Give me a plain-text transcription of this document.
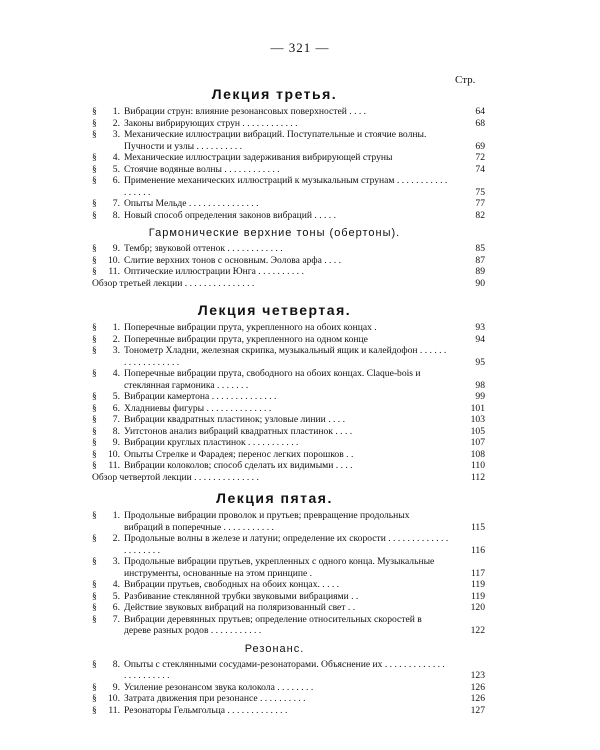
— 321 —
Стр.
Лекция третья.
§	1. Вибрации струн: влияние резонансовых поверхностей . . . .	64
§	2. Законы вибрирующих струн . . . . . . . . . . . .	68
§	3. Механические иллюстрации вибраций. Поступательные и стоячие волны. Пучности и узлы . . . . . . . . . .	69
§	4. Механические иллюстрации задерживания вибрирующей струны	72
§	5. Стоячие водяные волны . . . . . . . . . . . .	74
§	6. Применение механических иллюстраций к музыкальным струнам . . . . . . . . . . . . . . . . .	75
§	7. Опыты Мельде . . . . . . . . . . . . . . .	77
§	8. Новый способ определения законов вибраций . . . . .	82
Гармонические верхние тоны (обертоны).
§	9. Тембр; звуковой оттенок . . . . . . . . . . . .	85
§	10. Слитие верхних тонов с основным. Эолова арфа . . . .	87
§	11. Оптические иллюстрации Юнга . . . . . . . . . .	89
Обзор третьей лекции . . . . . . . . . . . . . . .	90
Лекция четвертая.
§	1. Поперечные вибрации прута, укрепленного на обоих концах .	93
§	2. Поперечные вибрации прута, укрепленного на одном конце	94
§	3. Тонометр Хладни, железная скрипка, музыкальный ящик и калейдофон . . . . . . . . . . . . . . . . . .	95
§	4. Поперечные вибрации прута, свободного на обоих концах. Claque-bois и стеклянная гармоника . . . . . . .	98
§	5. Вибрации камертона . . . . . . . . . . . . . .	99
§	6. Хладниевы фигуры . . . . . . . . . . . . . .	101
§	7. Вибрации квадратных пластинок; узловые линии . . . .	103
§	8. Уитстонов анализ вибраций квадратных пластинок . . . .	105
§	9. Вибрации круглых пластинок . . . . . . . . . . .	107
§	10. Опыты Стрелке и Фарадея; перенос легких порошков . .	108
§	11. Вибрации колоколов; способ сделать их видимыми . . . .	110
Обзор четвертой лекции . . . . . . . . . . . . . .	112
Лекция пятая.
§	1. Продольные вибрации проволок и прутьев; превращение продольных вибраций в поперечные . . . . . . . . . . .	115
§	2. Продольные волны в железе и латуни; определение их скорости . . . . . . . . . . . . . . . . . . . . .	116
§	3. Продольные вибрации прутьев, укрепленных с одного конца. Музыкальные инструменты, основанные на этом принципе .	117
§	4. Вибрации прутьев, свободных на обоих концах. . . . .	119
§	5. Разбивание стеклянной трубки звуковыми вибрациями . .	119
§	6. Действие звуковых вибраций на поляризованный свет . .	120
§	7. Вибрации деревянных прутьев; определение относительных скоростей в дереве разных родов . . . . . . . . . . .	122
Резонанс.
§	8. Опыты с стеклянными сосудами-резонаторами. Объяснение их . . . . . . . . . . . . . . . . . . . . . . .	123
§	9. Усиление резонансом звука колокола . . . . . . . .	126
§	10. Затрата движения при резонансе . . . . . . . . . .	126
§	11. Резонаторы Гельмгольца . . . . . . . . . . . . .	127
